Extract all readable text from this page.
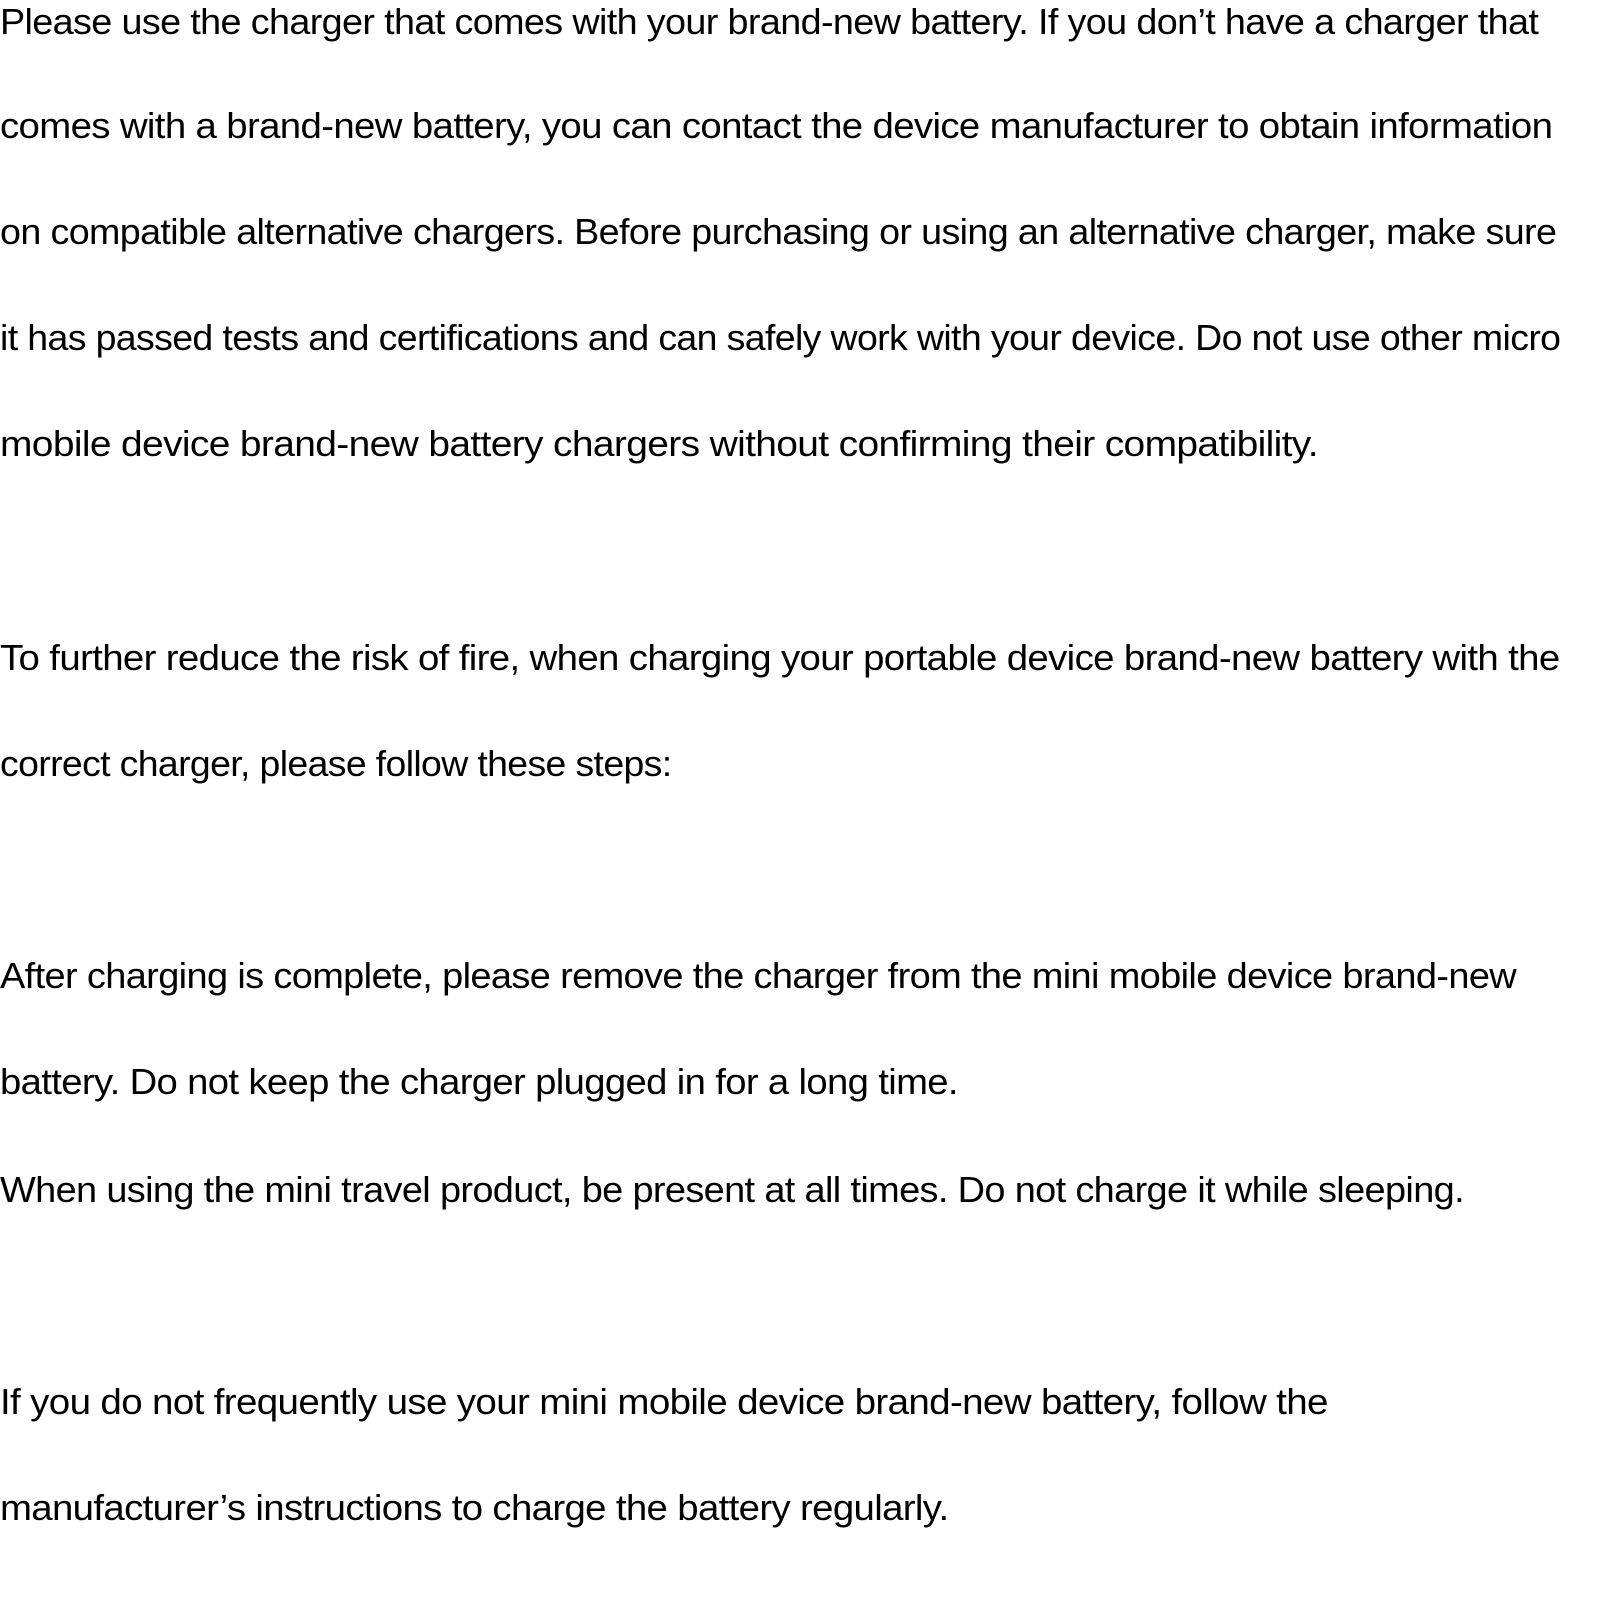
Please use the charger that comes with your brand-new battery. If you don’t have a charger that
comes with a brand-new battery, you can contact the device manufacturer to obtain information
on compatible alternative chargers. Before purchasing or using an alternative charger, make sure
it has passed tests and certifications and can safely work with your device. Do not use other micro
mobile device brand-new battery chargers without confirming their compatibility.
To further reduce the risk of fire, when charging your portable device brand-new battery with the
correct charger, please follow these steps:
After charging is complete, please remove the charger from the mini mobile device brand-new
battery. Do not keep the charger plugged in for a long time.
When using the mini travel product, be present at all times. Do not charge it while sleeping.
If you do not frequently use your mini mobile device brand-new battery, follow the
manufacturer’s instructions to charge the battery regularly.
